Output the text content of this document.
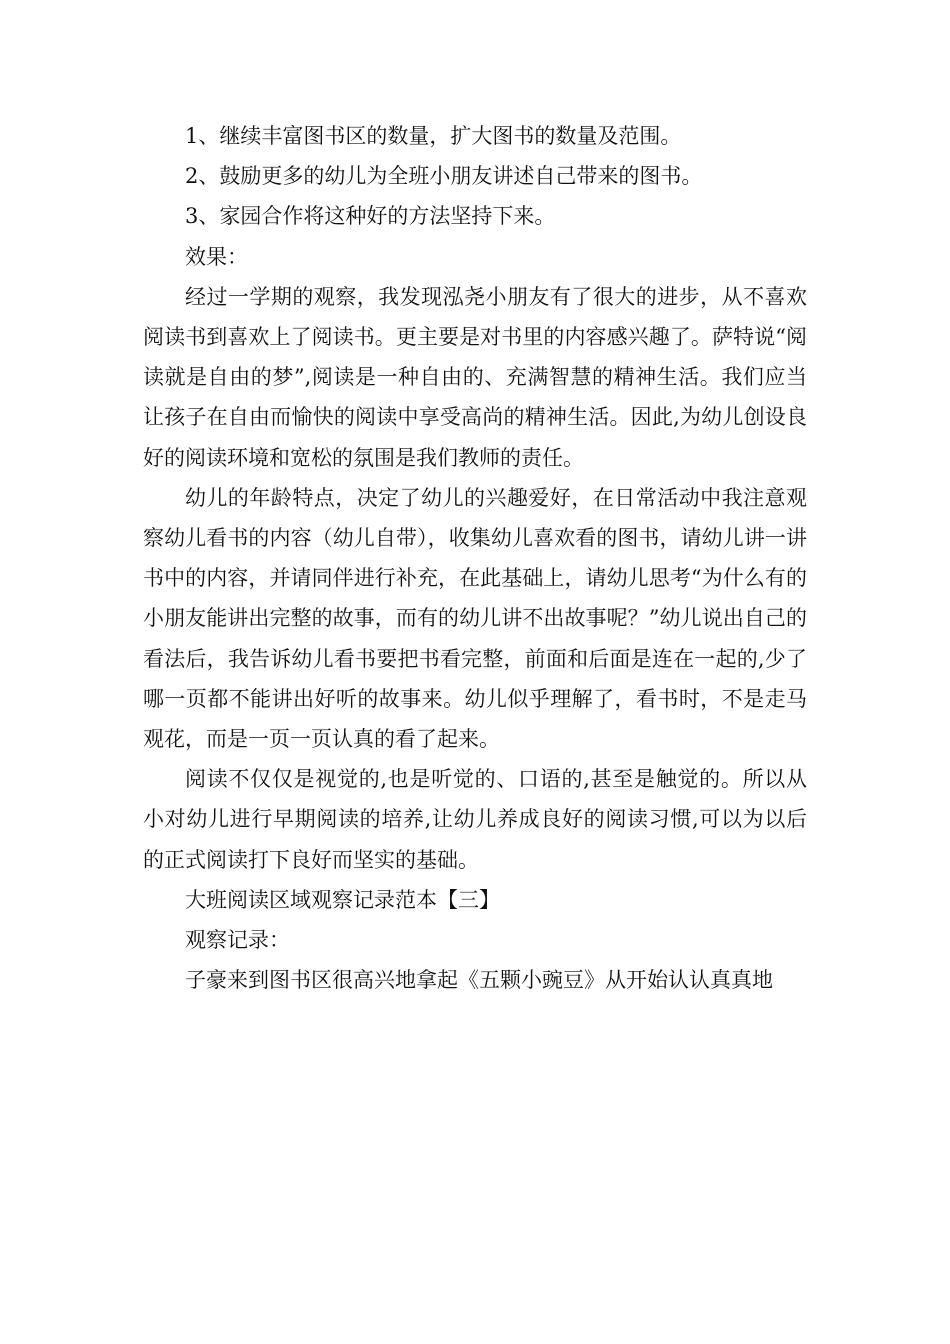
1、继续丰富图书区的数量，扩大图书的数量及范围。

2、鼓励更多的幼儿为全班小朋友讲述自己带来的图书。

3、家园合作将这种好的方法坚持下来。

效果：

经过一学期的观察，我发现泓尧小朋友有了很大的进步，从不喜欢阅读书到喜欢上了阅读书。更主要是对书里的内容感兴趣了。萨特说“阅读就是自由的梦”,阅读是一种自由的、充满智慧的精神生活。我们应当让孩子在自由而愉快的阅读中享受高尚的精神生活。因此,为幼儿创设良好的阅读环境和宽松的氛围是我们教师的责任。

幼儿的年龄特点，决定了幼儿的兴趣爱好，在日常活动中我注意观察幼儿看书的内容（幼儿自带），收集幼儿喜欢看的图书，请幼儿讲一讲书中的内容，并请同伴进行补充，在此基础上，请幼儿思考“为什么有的小朋友能讲出完整的故事，而有的幼儿讲不出故事呢？”幼儿说出自己的看法后，我告诉幼儿看书要把书看完整，前面和后面是连在一起的,少了哪一页都不能讲出好听的故事来。幼儿似乎理解了，看书时，不是走马观花，而是一页一页认真的看了起来。

阅读不仅仅是视觉的,也是听觉的、口语的,甚至是触觉的。所以从小对幼儿进行早期阅读的培养,让幼儿养成良好的阅读习惯,可以为以后的正式阅读打下良好而坚实的基础。

大班阅读区域观察记录范本【三】

观察记录：

子豪来到图书区很高兴地拿起《五颗小豌豆》从开始认认真真地
